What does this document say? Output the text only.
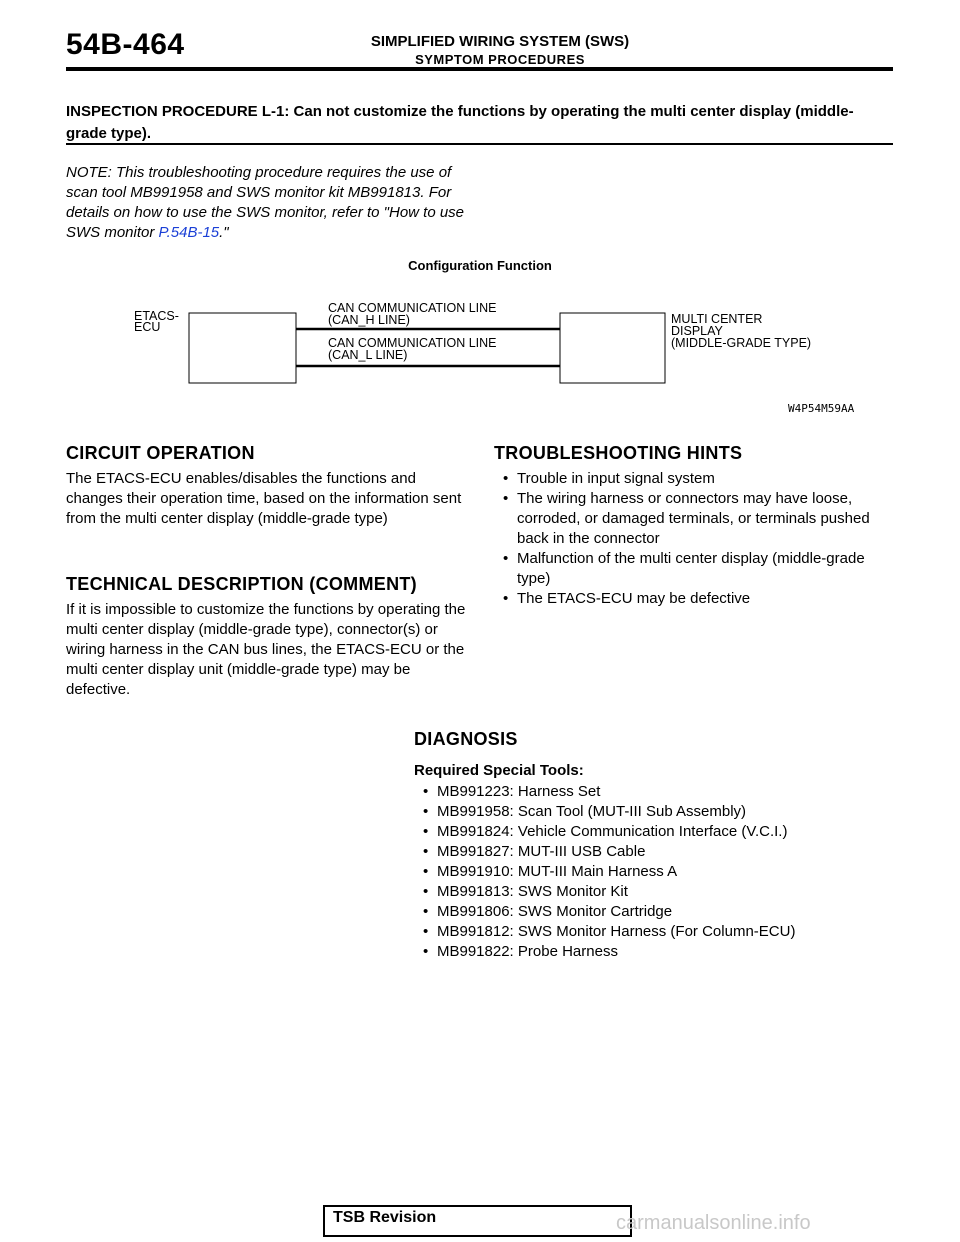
54B-464	SIMPLIFIED WIRING SYSTEM (SWS)
SYMPTOM PROCEDURES
INSPECTION PROCEDURE L-1: Can not customize the functions by operating the multi center display (middle-grade type).
NOTE: This troubleshooting procedure requires the use of scan tool MB991958 and SWS monitor kit MB991813. For details on how to use the SWS monitor, refer to "How to use SWS monitor P.54B-15."
Configuration Function
ETACS-ECU
CAN COMMUNICATION LINE (CAN_H LINE)
CAN COMMUNICATION LINE (CAN_L LINE)
MULTI CENTER DISPLAY (MIDDLE-GRADE TYPE)
W4P54M59AA
CIRCUIT OPERATION
The ETACS-ECU enables/disables the functions and changes their operation time, based on the information sent from the multi center display (middle-grade type)
TECHNICAL DESCRIPTION (COMMENT)
If it is impossible to customize the functions by operating the multi center display (middle-grade type), connector(s) or wiring harness in the CAN bus lines, the ETACS-ECU or the multi center display unit (middle-grade type) may be defective.
TROUBLESHOOTING HINTS
• Trouble in input signal system
• The wiring harness or connectors may have loose, corroded, or damaged terminals, or terminals pushed back in the connector
• Malfunction of the multi center display (middle-grade type)
• The ETACS-ECU may be defective
DIAGNOSIS
Required Special Tools:
• MB991223: Harness Set
• MB991958: Scan Tool (MUT-III Sub Assembly)
• MB991824: Vehicle Communication Interface (V.C.I.)
• MB991827: MUT-III USB Cable
• MB991910: MUT-III Main Harness A
• MB991813: SWS Monitor Kit
• MB991806: SWS Monitor Cartridge
• MB991812: SWS Monitor Harness (For Column-ECU)
• MB991822: Probe Harness
TSB Revision	carmanualsonline.info
